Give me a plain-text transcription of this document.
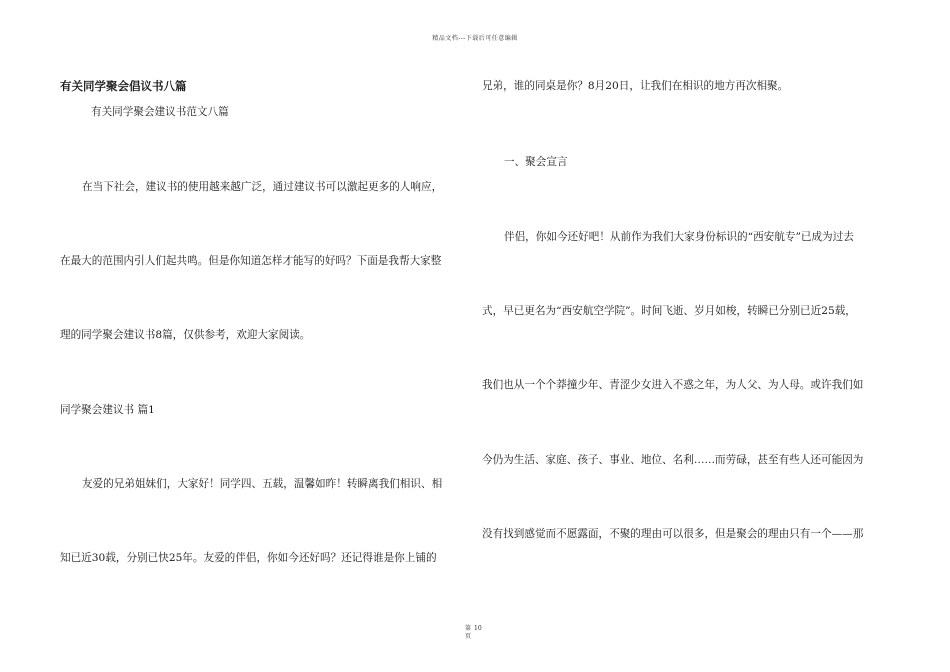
精品文档---下载后可任意编辑
有关同学聚会倡议书八篇
有关同学聚会建议书范文八篇
在当下社会，建议书的使用越来越广泛，通过建议书可以激起更多的人响应，
在最大的范围内引人们起共鸣。但是你知道怎样才能写的好吗？下面是我帮大家整
理的同学聚会建议书8篇，仅供参考，欢迎大家阅读。
同学聚会建议书 篇1
友爱的兄弟姐妹们，大家好！同学四、五载，温馨如昨！转瞬离我们相识、相
知已近30载，分别已快25年。友爱的伴侣，你如今还好吗？还记得谁是你上铺的
兄弟，谁的同桌是你？8月20日，让我们在相识的地方再次相聚。
一、聚会宣言
伴侣，你如今还好吧！从前作为我们大家身份标识的“西安航专”已成为过去
式，早已更名为“西安航空学院”。时间飞逝、岁月如梭，转瞬已分别已近25载，
我们也从一个个莽撞少年、青涩少女进入不惑之年，为人父、为人母。或许我们如
今仍为生活、家庭、孩子、事业、地位、名利……而劳碌，甚至有些人还可能因为
没有找到感觉而不愿露面，不聚的理由可以很多，但是聚会的理由只有一个——那
第 10
页
